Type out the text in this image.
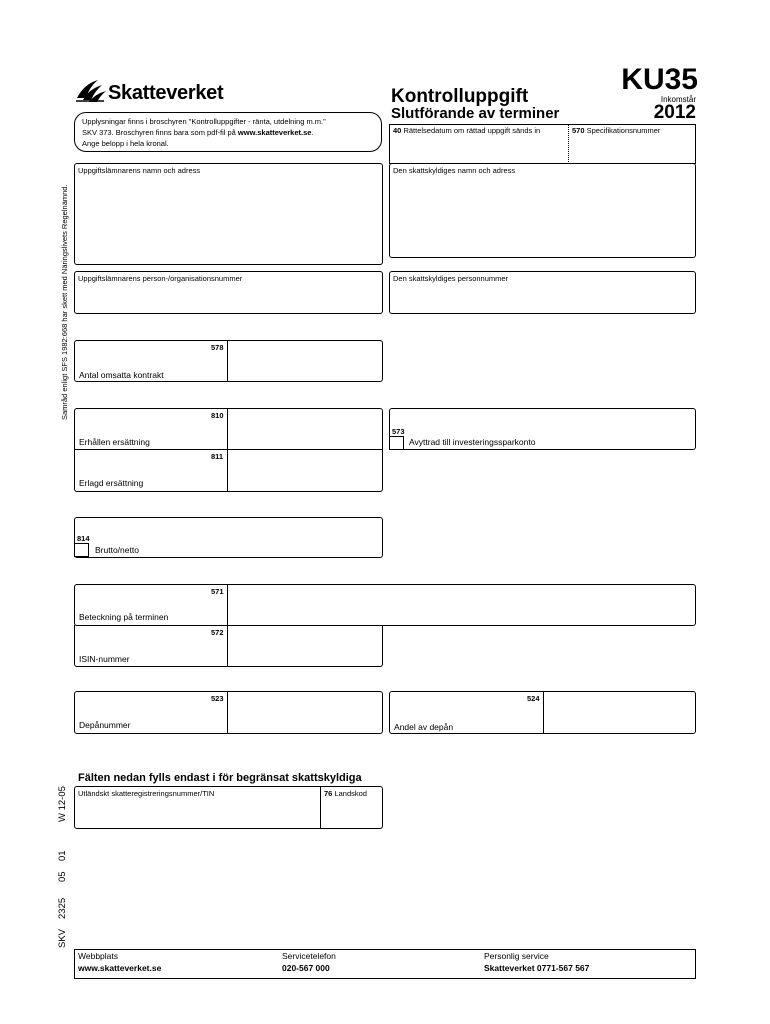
Skatteverket	KU35
Inkomstår
2012
Kontrolluppgift
Slutförande av terminer
Upplysningar finns i broschyren "Kontrolluppgifter - ränta, utdelning m.m."
SKV 373. Broschyren finns bara som pdf-fil på www.skatteverket.se.
Ange belopp i hela kronal.
40 Rättelsedatum om rättad uppgift sänds in	570 Specifikationsnummer
Uppgiftslämnarens namn och adress	Den skattskyldiges namn och adress
Uppgiftslämnarens person-/organisationsnummer	Den skattskyldiges personnummer
578
Antal omsatta kontrakt
810
Erhållen ersättning
811
Erlagd ersättning
573
Avyttrad till investeringssparkonto
814
Brutto/netto
571
Beteckning på terminen
572
ISIN-nummer
523
Depånummer
524
Andel av depån
Fälten nedan fylls endast i för begränsat skattskyldiga
Utländskt skatteregistreringsnummer/TIN	76 Landskod
Webbplats
www.skatteverket.se
Servicetelefon
020-567 000
Personlig service
Skatteverket 0771-567 567
Samråd enligt SFS 1982:668 har skett med Näringslivets Regelnämnd.
W 12-05
01
05
2325
SKV
